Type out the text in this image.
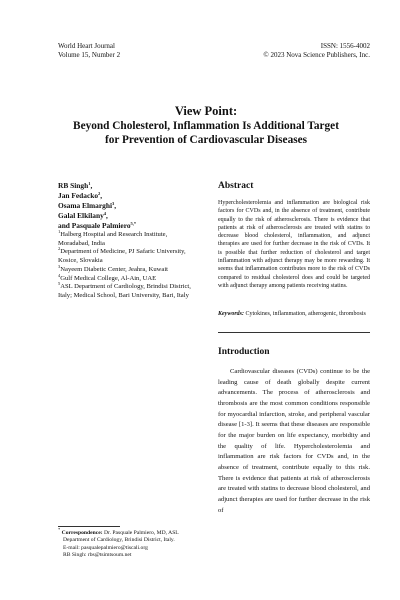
World Heart Journal
Volume 15, Number 2
ISSN: 1556-4002
© 2023 Nova Science Publishers, Inc.
View Point:
Beyond Cholesterol, Inflammation Is Additional Target
for Prevention of Cardiovascular Diseases
RB Singh$^1$,
Jan Fedacko$^2$,
Osama Elmarghi$^3$,
Galal Elkilany$^4$,
and Pasquale Palmiero$^{5,*}$
$^1$Halberg Hospital and Research Institute, Moradabad, India
$^2$Department of Medicine, PJ Safaric University, Kosice, Slovakia
$^3$Nayeem Diabetic Center, Jeahra, Kuwait
$^4$Gulf Medical College, Al-Ain, UAE
$^5$ASL Department of Cardiology, Brindisi District, Italy; Medical School, Bari University, Bari, Italy
Abstract
Hypercholesterolemia and inflammation are biological risk factors for CVDs and, in the absence of treatment, contribute equally to the risk of atherosclerosis. There is evidence that patients at risk of atherosclerosis are treated with statins to decrease blood cholesterol, inflammation, and adjunct therapies are used for further decrease in the risk of CVDs. It is possible that further reduction of cholesterol and target inflammation with adjunct therapy may be more rewarding. It seems that inflammation contributes more to the risk of CVDs compared to residual cholesterol does and could be targeted with adjunct therapy among patients receiving statins.
Keywords: Cytokines, inflammation, atherogenic, thrombosis
Introduction
Cardiovascular diseases (CVDs) continue to be the leading cause of death globally despite current advancements. The process of atherosclerosis and thrombosis are the most common conditions responsible for myocardial infarction, stroke, and peripheral vascular disease [1-3]. It seems that these diseases are responsible for the major burden on life expectancy, morbidity and the quality of life. Hypercholesterolemia and inflammation are risk factors for CVDs and, in the absence of treatment, contribute equally to this risk. There is evidence that patients at risk of atherosclerosis are treated with statins to decrease blood cholesterol, and adjunct therapies are used for further decrease in the risk of
* Correspondence: Dr. Pasquale Palmiero, MD, ASL
Department of Cardiology, Brindisi District, Italy.
E-mail: pasqualepalmiero@tiscali.org
RB Singh: rbs@tsimtsoum.net
